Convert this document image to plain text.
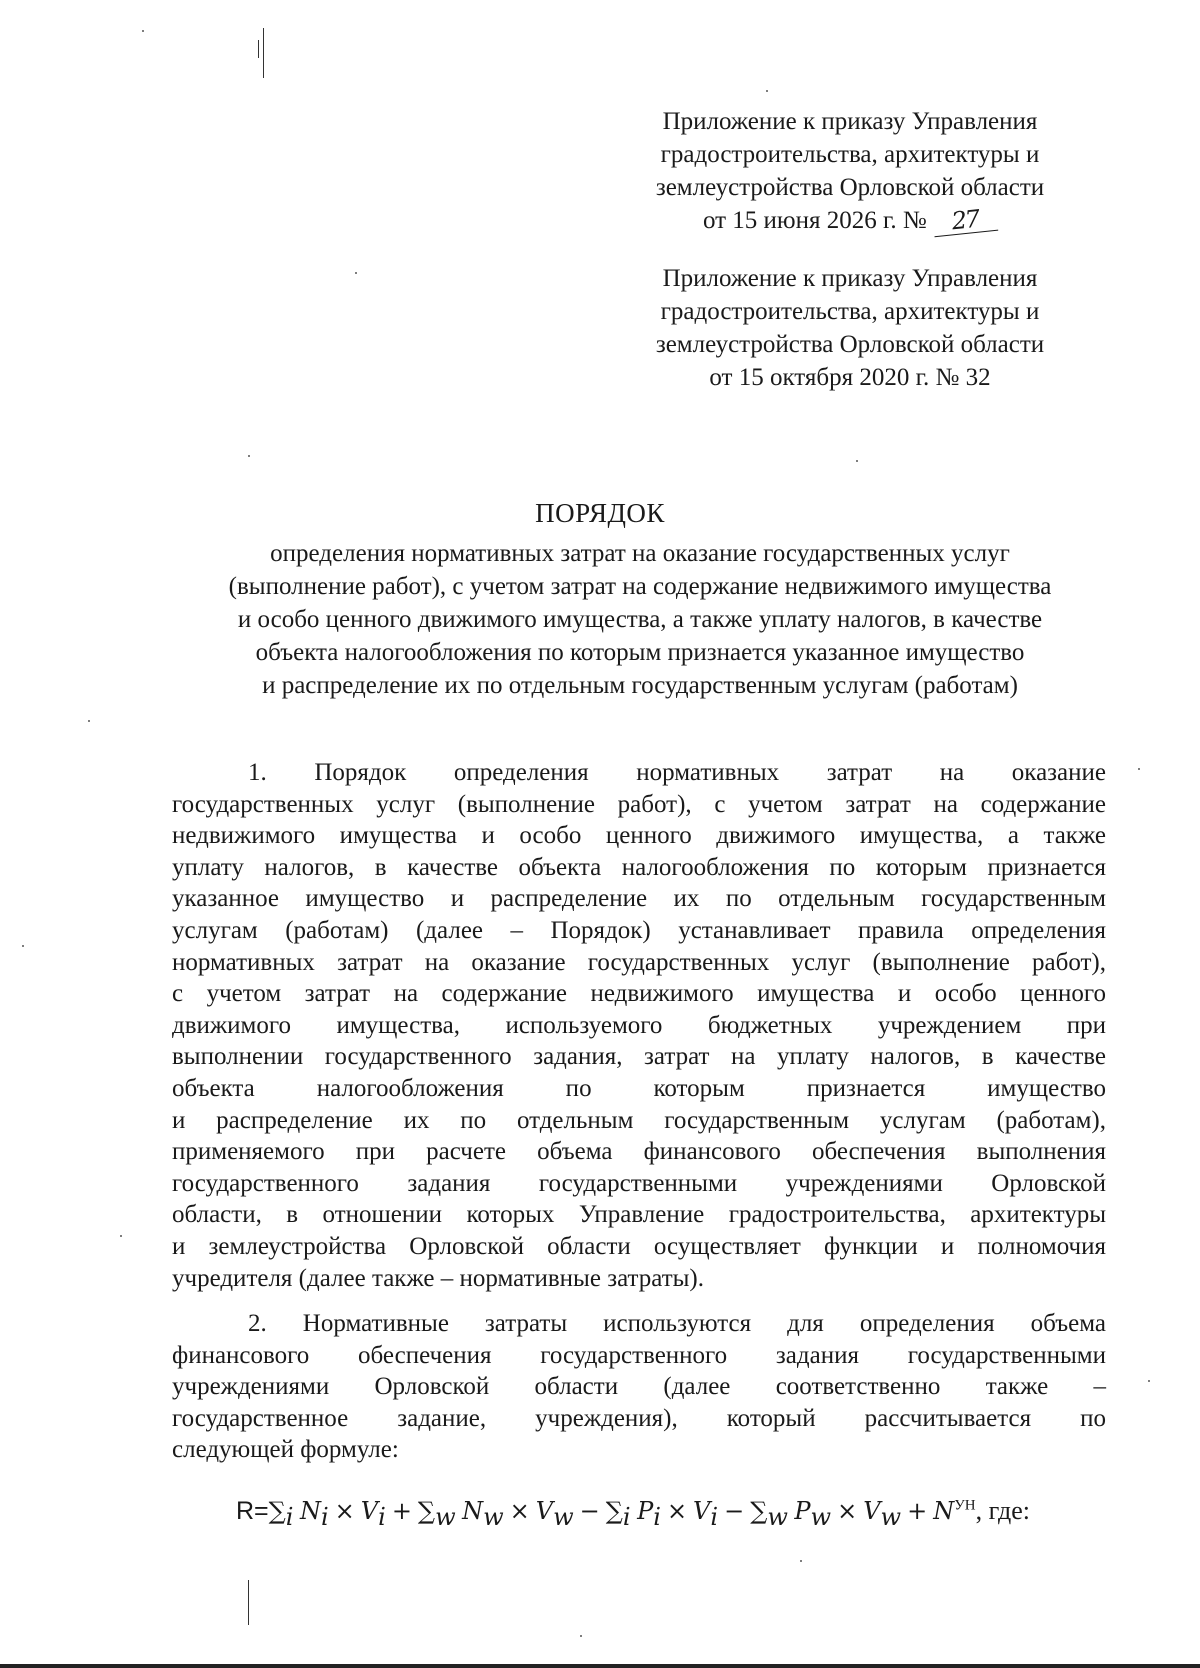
Приложение к приказу Управления
градостроительства, архитектуры и
землеустройства Орловской области
от 15 июня 2026 г. № 27
Приложение к приказу Управления
градостроительства, архитектуры и
землеустройства Орловской области
от 15 октября 2020 г. № 32
ПОРЯДОК
определения нормативных затрат на оказание государственных услуг
(выполнение работ), с учетом затрат на содержание недвижимого имущества
и особо ценного движимого имущества, а также уплату налогов, в качестве
объекта налогообложения по которым признается указанное имущество
и распределение их по отдельным государственным услугам (работам)
1. Порядок определения нормативных затрат на оказание
государственных услуг (выполнение работ), с учетом затрат на содержание
недвижимого имущества и особо ценного движимого имущества, а также
уплату налогов, в качестве объекта налогообложения по которым признается
указанное имущество и распределение их по отдельным государственным
услугам (работам) (далее – Порядок) устанавливает правила определения
нормативных затрат на оказание государственных услуг (выполнение работ),
с учетом затрат на содержание недвижимого имущества и особо ценного
движимого имущества, используемого бюджетных учреждением при
выполнении государственного задания, затрат на уплату налогов, в качестве
объекта налогообложения по которым признается имущество
и распределение их по отдельным государственным услугам (работам),
применяемого при расчете объема финансового обеспечения выполнения
государственного задания государственными учреждениями Орловской
области, в отношении которых Управление градостроительства, архитектуры
и землеустройства Орловской области осуществляет функции и полномочия
учредителя (далее также – нормативные затраты).
2. Нормативные затраты используются для определения объема
финансового обеспечения государственного задания государственными
учреждениями Орловской области (далее соответственно также –
государственное задание, учреждения), который рассчитывается по
следующей формуле:
$R=\sum_i$ $N_i \times V_i + \sum_w$ $N_w \times V_w - \sum_i$ $P_i \times V_i - \sum_w$ $P_w \times V_w + N^{УН}$, где:
